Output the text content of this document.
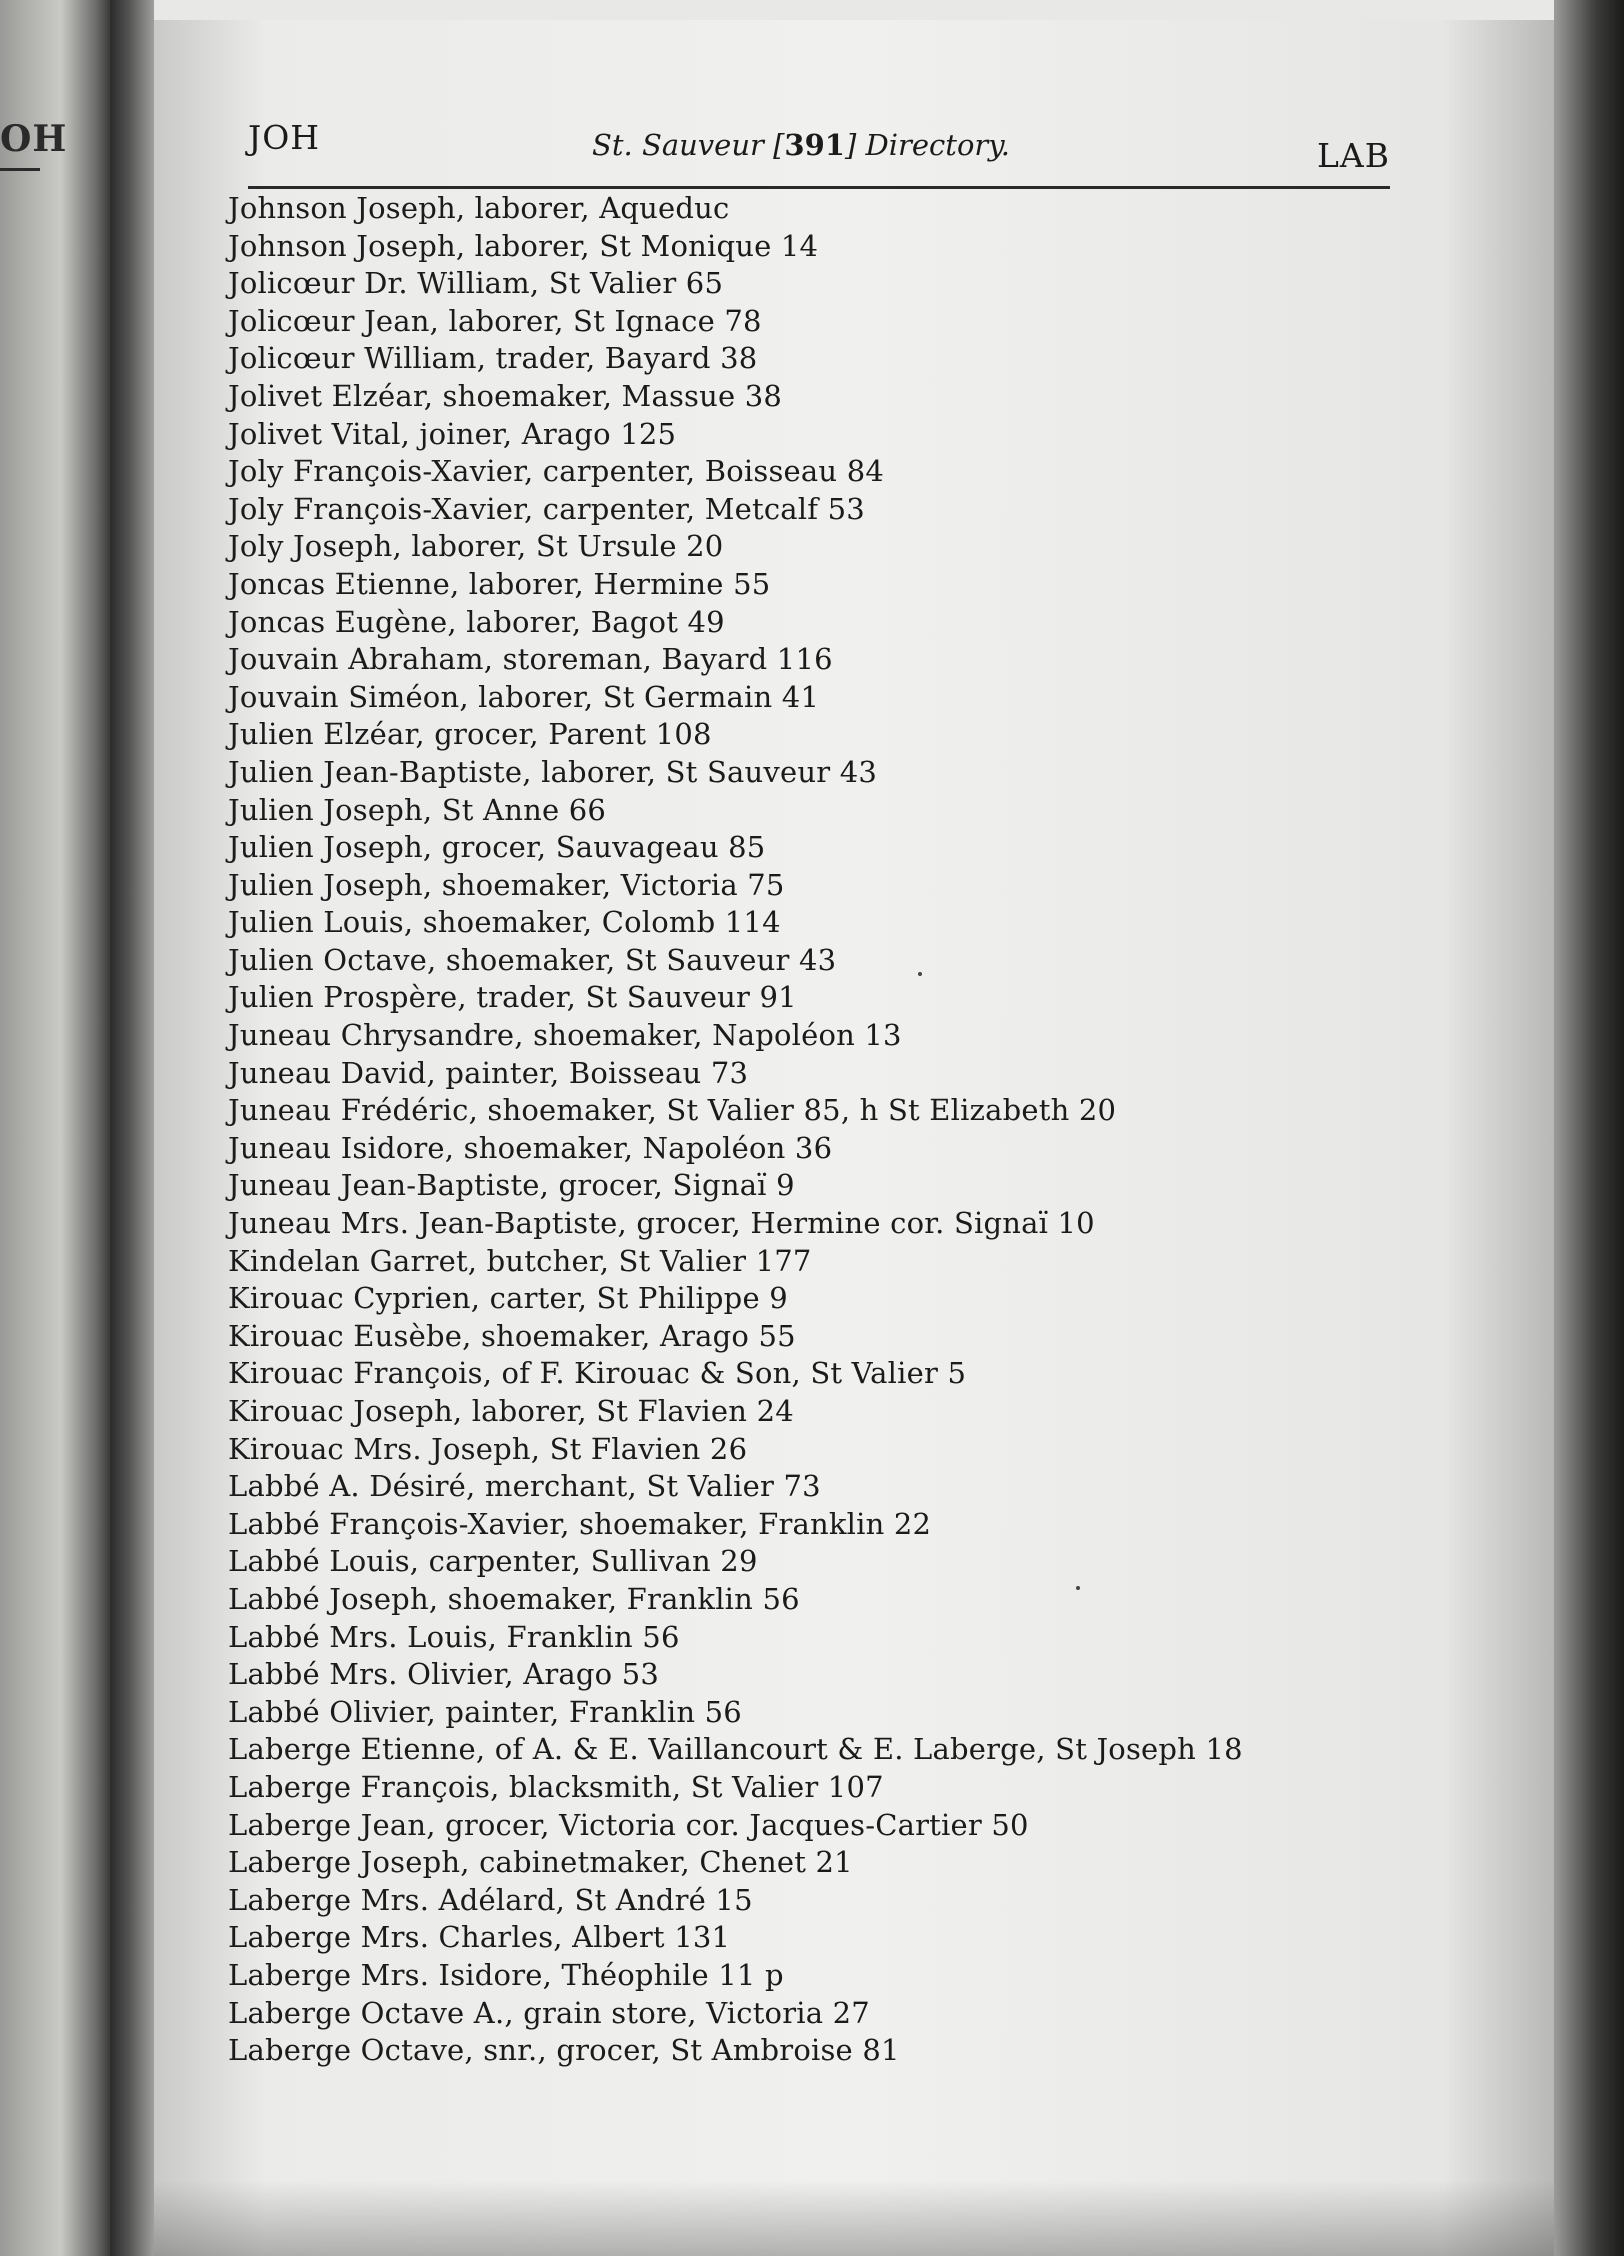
OH	JOH	St. Sauveur [391] Directory.	LAB
Johnson Joseph, laborer, Aqueduc
Johnson Joseph, laborer, St Monique 14
Jolicœur Dr. William, St Valier 65
Jolicœur Jean, laborer, St Ignace 78
Jolicœur William, trader, Bayard 38
Jolivet Elzéar, shoemaker, Massue 38
Jolivet Vital, joiner, Arago 125
Joly François-Xavier, carpenter, Boisseau 84
Joly François-Xavier, carpenter, Metcalf 53
Joly Joseph, laborer, St Ursule 20
Joncas Etienne, laborer, Hermine 55
Joncas Eugène, laborer, Bagot 49
Jouvain Abraham, storeman, Bayard 116
Jouvain Siméon, laborer, St Germain 41
Julien Elzéar, grocer, Parent 108
Julien Jean-Baptiste, laborer, St Sauveur 43
Julien Joseph, St Anne 66
Julien Joseph, grocer, Sauvageau 85
Julien Joseph, shoemaker, Victoria 75
Julien Louis, shoemaker, Colomb 114
Julien Octave, shoemaker, St Sauveur 43
Julien Prospère, trader, St Sauveur 91
Juneau Chrysandre, shoemaker, Napoléon 13
Juneau David, painter, Boisseau 73
Juneau Frédéric, shoemaker, St Valier 85, h St Elizabeth 20
Juneau Isidore, shoemaker, Napoléon 36
Juneau Jean-Baptiste, grocer, Signaï 9
Juneau Mrs. Jean-Baptiste, grocer, Hermine cor. Signaï 10
Kindelan Garret, butcher, St Valier 177
Kirouac Cyprien, carter, St Philippe 9
Kirouac Eusèbe, shoemaker, Arago 55
Kirouac François, of F. Kirouac & Son, St Valier 5
Kirouac Joseph, laborer, St Flavien 24
Kirouac Mrs. Joseph, St Flavien 26
Labbé A. Désiré, merchant, St Valier 73
Labbé François-Xavier, shoemaker, Franklin 22
Labbé Louis, carpenter, Sullivan 29
Labbé Joseph, shoemaker, Franklin 56
Labbé Mrs. Louis, Franklin 56
Labbé Mrs. Olivier, Arago 53
Labbé Olivier, painter, Franklin 56
Laberge Etienne, of A. & E. Vaillancourt & E. Laberge, St Joseph 18
Laberge François, blacksmith, St Valier 107
Laberge Jean, grocer, Victoria cor. Jacques-Cartier 50
Laberge Joseph, cabinetmaker, Chenet 21
Laberge Mrs. Adélard, St André 15
Laberge Mrs. Charles, Albert 131
Laberge Mrs. Isidore, Théophile 11 p
Laberge Octave A., grain store, Victoria 27
Laberge Octave, snr., grocer, St Ambroise 81
